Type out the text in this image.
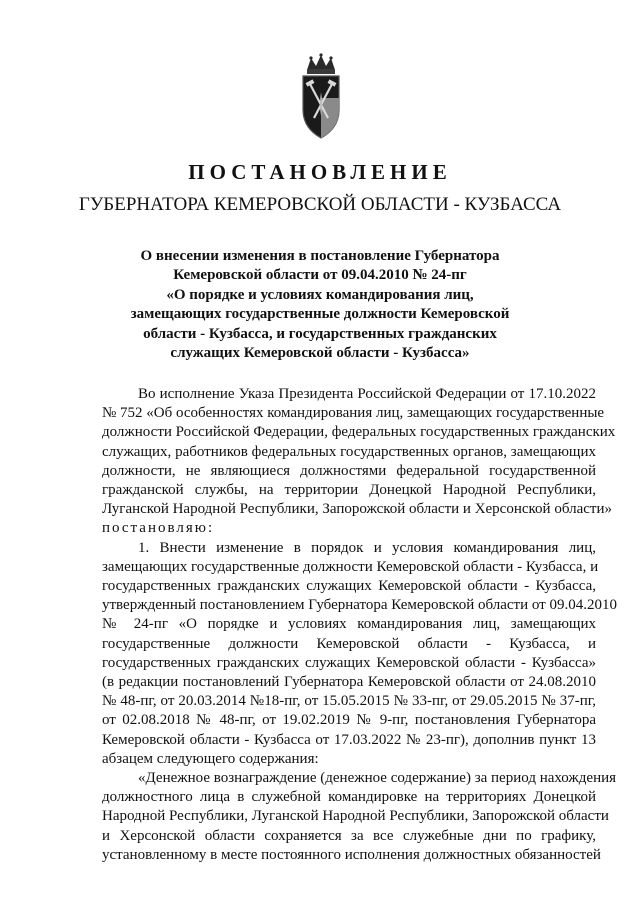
ПОСТАНОВЛЕНИЕ
ГУБЕРНАТОРА КЕМЕРОВСКОЙ ОБЛАСТИ - КУЗБАССА
О внесении изменения в постановление Губернатора
Кемеровской области от 09.04.2010 № 24-пг
«О порядке и условиях командирования лиц,
замещающих государственные должности Кемеровской
области - Кузбасса, и государственных гражданских
служащих Кемеровской области - Кузбасса»
Во исполнение Указа Президента Российской Федерации от 17.10.2022
№ 752 «Об особенностях командирования лиц, замещающих государственные
должности Российской Федерации, федеральных государственных гражданских
служащих, работников федеральных государственных органов, замещающих
должности, не являющиеся должностями федеральной государственной
гражданской службы, на территории Донецкой Народной Республики,
Луганской Народной Республики, Запорожской области и Херсонской области»
постановляю:
1. Внести изменение в порядок и условия командирования лиц,
замещающих государственные должности Кемеровской области - Кузбасса, и
государственных гражданских служащих Кемеровской области - Кузбасса,
утвержденный постановлением Губернатора Кемеровской области от 09.04.2010
№ 24-пг «О порядке и условиях командирования лиц, замещающих
государственные должности Кемеровской области - Кузбасса, и
государственных гражданских служащих Кемеровской области - Кузбасса»
(в редакции постановлений Губернатора Кемеровской области от 24.08.2010
№ 48-пг, от 20.03.2014 №18-пг, от 15.05.2015 № 33-пг, от 29.05.2015 № 37-пг,
от 02.08.2018 № 48-пг, от 19.02.2019 № 9-пг, постановления Губернатора
Кемеровской области - Кузбасса от 17.03.2022 № 23-пг), дополнив пункт 13
абзацем следующего содержания:
«Денежное вознаграждение (денежное содержание) за период нахождения
должностного лица в служебной командировке на территориях Донецкой
Народной Республики, Луганской Народной Республики, Запорожской области
и Херсонской области сохраняется за все служебные дни по графику,
установленному в месте постоянного исполнения должностных обязанностей
